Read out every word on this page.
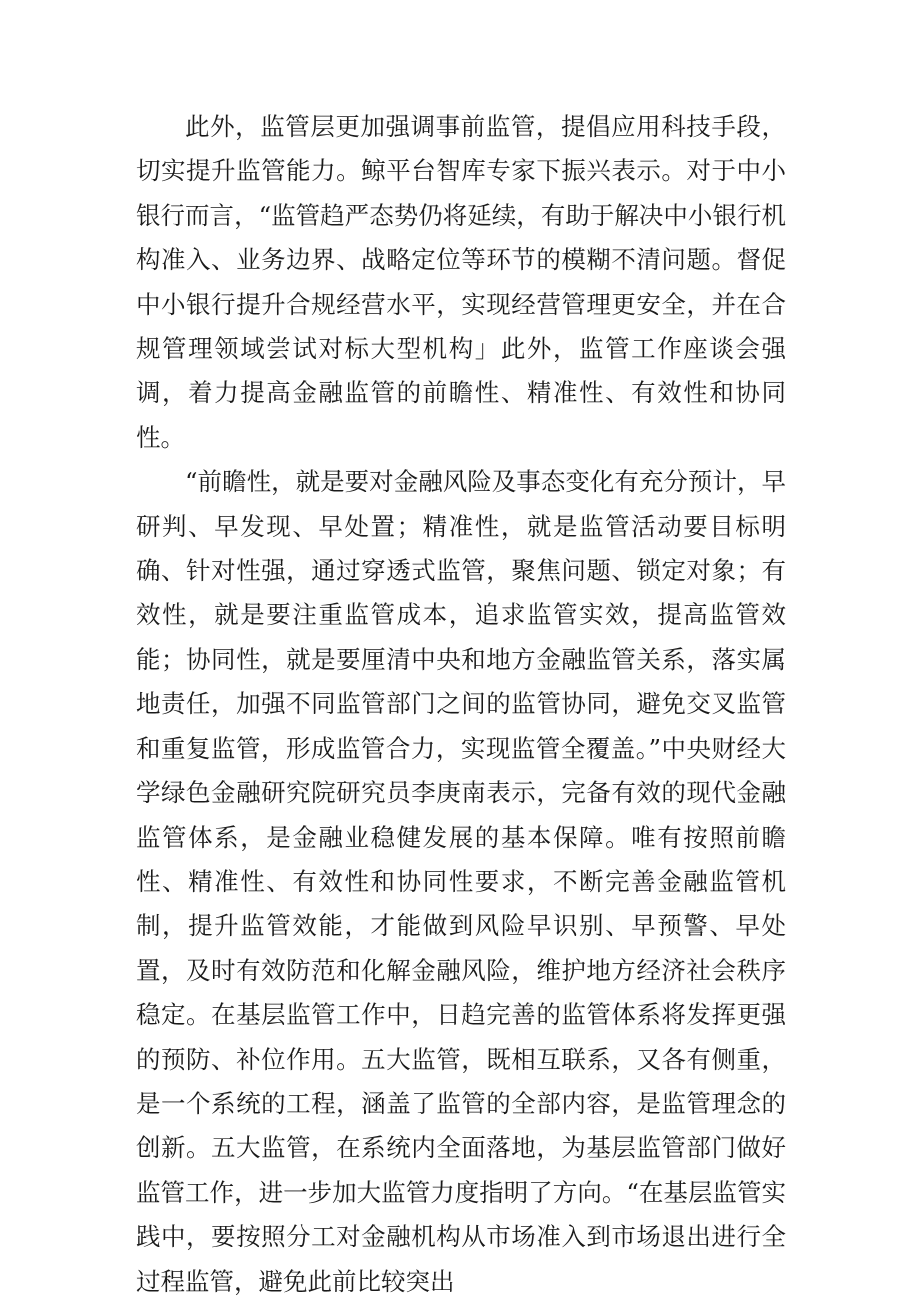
此外，监管层更加强调事前监管，提倡应用科技手段，切实提升监管能力。鲸平台智库专家下振兴表示。对于中小银行而言，“监管趋严态势仍将延续，有助于解决中小银行机构准入、业务边界、战略定位等环节的模糊不清问题。督促中小银行提升合规经营水平，实现经营管理更安全，并在合规管理领域尝试对标大型机构」此外，监管工作座谈会强调，着力提高金融监管的前瞻性、精准性、有效性和协同性。

“前瞻性，就是要对金融风险及事态变化有充分预计，早研判、早发现、早处置；精准性，就是监管活动要目标明确、针对性强，通过穿透式监管，聚焦问题、锁定对象；有效性，就是要注重监管成本，追求监管实效，提高监管效能；协同性，就是要厘清中央和地方金融监管关系，落实属地责任，加强不同监管部门之间的监管协同，避免交叉监管和重复监管，形成监管合力，实现监管全覆盖。”中央财经大学绿色金融研究院研究员李庚南表示，完备有效的现代金融监管体系，是金融业稳健发展的基本保障。唯有按照前瞻性、精准性、有效性和协同性要求，不断完善金融监管机制，提升监管效能，才能做到风险早识别、早预警、早处置，及时有效防范和化解金融风险，维护地方经济社会秩序稳定。在基层监管工作中，日趋完善的监管体系将发挥更强的预防、补位作用。五大监管，既相互联系，又各有侧重，是一个系统的工程，涵盖了监管的全部内容，是监管理念的创新。五大监管，在系统内全面落地，为基层监管部门做好监管工作，进一步加大监管力度指明了方向。“在基层监管实践中，要按照分工对金融机构从市场准入到市场退出进行全过程监管，避免此前比较突出
